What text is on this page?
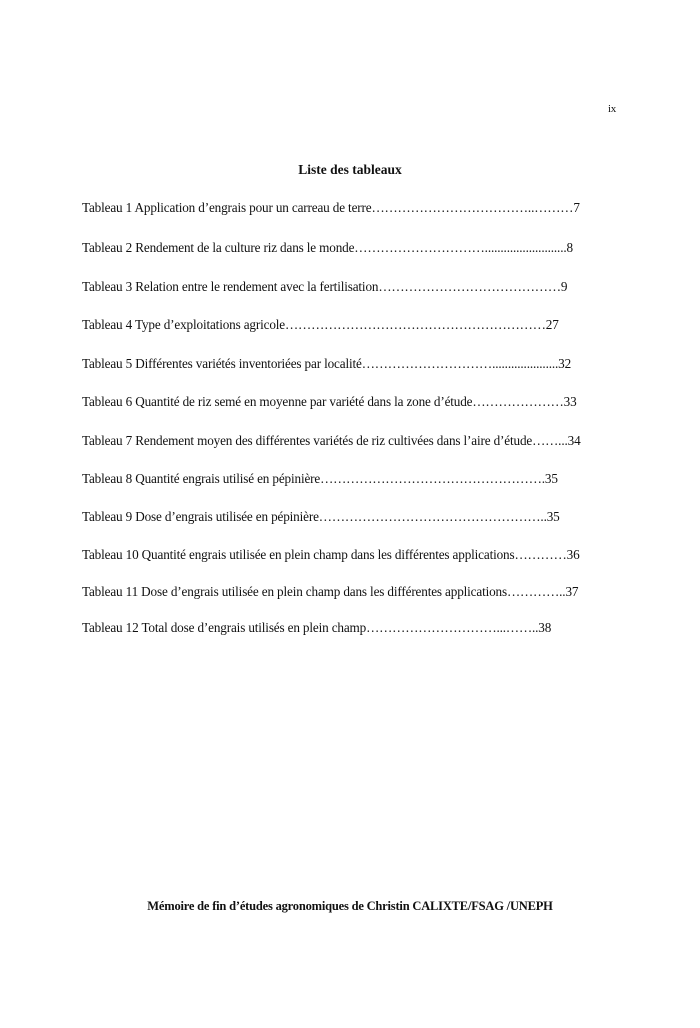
ix
Liste des tableaux
Tableau 1 Application d’engrais pour un carreau de terre………………………………..………7
Tableau 2 Rendement de la culture riz dans le monde…………………………..........................8
Tableau 3 Relation entre le rendement avec la fertilisation……………………………………9
Tableau 4 Type d’exploitations agricole……………………………………………………27
Tableau 5 Différentes variétés inventoriées par localité………………………….....................32
Tableau 6 Quantité de riz semé en moyenne par variété dans la zone d’étude…………………33
Tableau 7 Rendement moyen des différentes variétés de riz cultivées dans l’aire d’étude……...34
Tableau 8 Quantité engrais utilisé en pépinière…………………………………………….35
Tableau 9 Dose d’engrais utilisée en pépinière……………………………………………..35
Tableau 10 Quantité engrais utilisée en plein champ dans les différentes applications…………36
Tableau 11 Dose d’engrais utilisée en plein champ dans les différentes applications…………..37
Tableau 12 Total dose d’engrais utilisés en plein champ…………………………...……..38
Mémoire de fin d’études agronomiques de Christin CALIXTE/FSAG /UNEPH
